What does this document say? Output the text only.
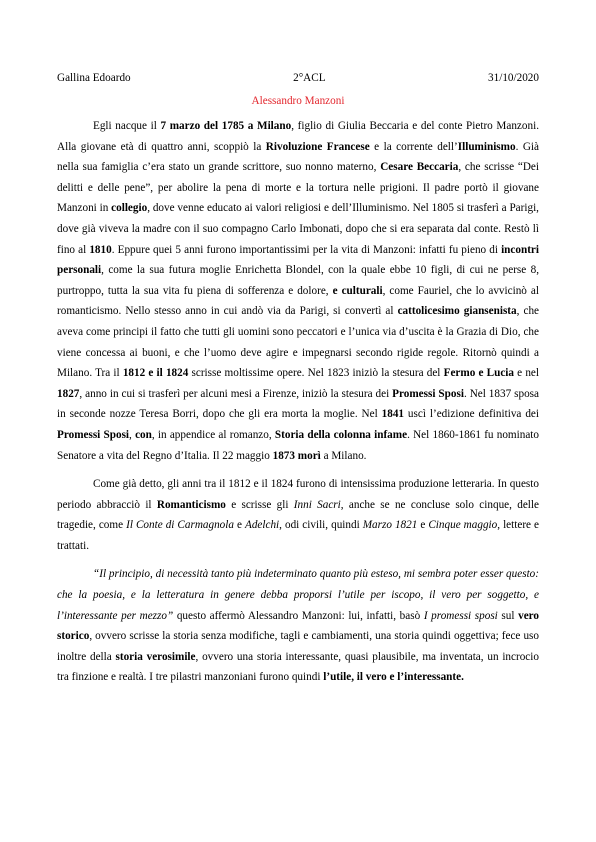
Gallina Edoardo	2°ACL	31/10/2020
Alessandro Manzoni

Egli nacque il 7 marzo del 1785 a Milano, figlio di Giulia Beccaria e del conte Pietro Manzoni. Alla giovane età di quattro anni, scoppiò la Rivoluzione Francese e la corrente dell’Illuminismo. Già nella sua famiglia c’era stato un grande scrittore, suo nonno materno, Cesare Beccaria, che scrisse “Dei delitti e delle pene”, per abolire la pena di morte e la tortura nelle prigioni. Il padre portò il giovane Manzoni in collegio, dove venne educato ai valori religiosi e dell’Illuminismo. Nel 1805 si trasferì a Parigi, dove già viveva la madre con il suo compagno Carlo Imbonati, dopo che si era separata dal conte. Restò lì fino al 1810. Eppure quei 5 anni furono importantissimi per la vita di Manzoni: infatti fu pieno di incontri personali, come la sua futura moglie Enrichetta Blondel, con la quale ebbe 10 figli, di cui ne perse 8, purtroppo, tutta la sua vita fu piena di sofferenza e dolore, e culturali, come Fauriel, che lo avvicinò al romanticismo. Nello stesso anno in cui andò via da Parigi, si convertì al cattolicesimo giansenista, che aveva come principi il fatto che tutti gli uomini sono peccatori e l’unica via d’uscita è la Grazia di Dio, che viene concessa ai buoni, e che l’uomo deve agire e impegnarsi secondo rigide regole. Ritornò quindi a Milano. Tra il 1812 e il 1824 scrisse moltissime opere. Nel 1823 iniziò la stesura del Fermo e Lucia e nel 1827, anno in cui si trasferì per alcuni mesi a Firenze, iniziò la stesura dei Promessi Sposi. Nel 1837 sposa in seconde nozze Teresa Borri, dopo che gli era morta la moglie. Nel 1841 uscì l’edizione definitiva dei Promessi Sposi, con, in appendice al romanzo, Storia della colonna infame. Nel 1860-1861 fu nominato Senatore a vita del Regno d’Italia. Il 22 maggio 1873 morì a Milano.

Come già detto, gli anni tra il 1812 e il 1824 furono di intensissima produzione letteraria. In questo periodo abbracciò il Romanticismo e scrisse gli Inni Sacri, anche se ne concluse solo cinque, delle tragedie, come Il Conte di Carmagnola e Adelchi, odi civili, quindi Marzo 1821 e Cinque maggio, lettere e trattati.

“Il principio, di necessità tanto più indeterminato quanto più esteso, mi sembra poter esser questo: che la poesia, e la letteratura in genere debba proporsi l’utile per iscopo, il vero per soggetto, e l’interessante per mezzo” questo affermò Alessandro Manzoni: lui, infatti, basò I promessi sposi sul vero storico, ovvero scrisse la storia senza modifiche, tagli e cambiamenti, una storia quindi oggettiva; fece uso inoltre della storia verosimile, ovvero una storia interessante, quasi plausibile, ma inventata, un incrocio tra finzione e realtà. I tre pilastri manzoniani furono quindi l’utile, il vero e l’interessante.
